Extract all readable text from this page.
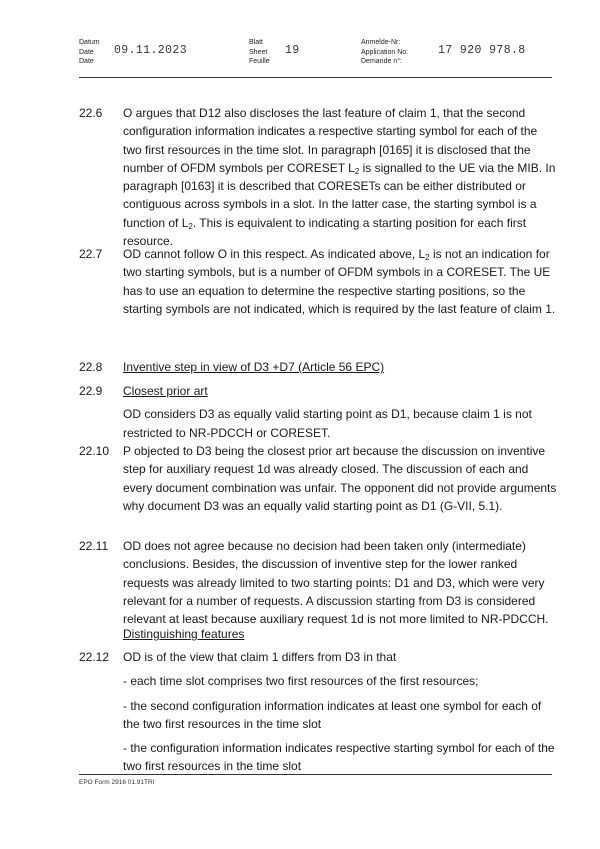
Datum
Date
Date
09.11.2023
Blatt
Sheet
Feuille
19
Anmelde-Nr:
Application No:
Demande n°:
17 920 978.8
22.6	O argues that D12 also discloses the last feature of claim 1, that the second configuration information indicates a respective starting symbol for each of the two first resources in the time slot. In paragraph [0165] it is disclosed that the number of OFDM symbols per CORESET $L_2$ is signalled to the UE via the MIB. In paragraph [0163] it is described that CORESETs can be either distributed or contiguous across symbols in a slot. In the latter case, the starting symbol is a function of $L_2$. This is equivalent to indicating a starting position for each first resource.
22.7	OD cannot follow O in this respect. As indicated above, $L_2$ is not an indication for two starting symbols, but is a number of OFDM symbols in a CORESET. The UE has to use an equation to determine the respective starting positions, so the starting symbols are not indicated, which is required by the last feature of claim 1.
22.8	Inventive step in view of D3 +D7 (Article 56 EPC)
22.9	Closest prior art
OD considers D3 as equally valid starting point as D1, because claim 1 is not restricted to NR-PDCCH or CORESET.
22.10	P objected to D3 being the closest prior art because the discussion on inventive step for auxiliary request 1d was already closed. The discussion of each and every document combination was unfair. The opponent did not provide arguments why document D3 was an equally valid starting point as D1 (G-VII, 5.1).
22.11	OD does not agree because no decision had been taken only (intermediate) conclusions. Besides, the discussion of inventive step for the lower ranked requests was already limited to two starting points: D1 and D3, which were very relevant for a number of requests. A discussion starting from D3 is considered relevant at least because auxiliary request 1d is not more limited to NR-PDCCH.
Distinguishing features
22.12	OD is of the view that claim 1 differs from D3 in that
- each time slot comprises two first resources of the first resources;
- the second configuration information indicates at least one symbol for each of the two first resources in the time slot
- the configuration information indicates respective starting symbol for each of the two first resources in the time slot
EPO Form 2916 01.91TRI
